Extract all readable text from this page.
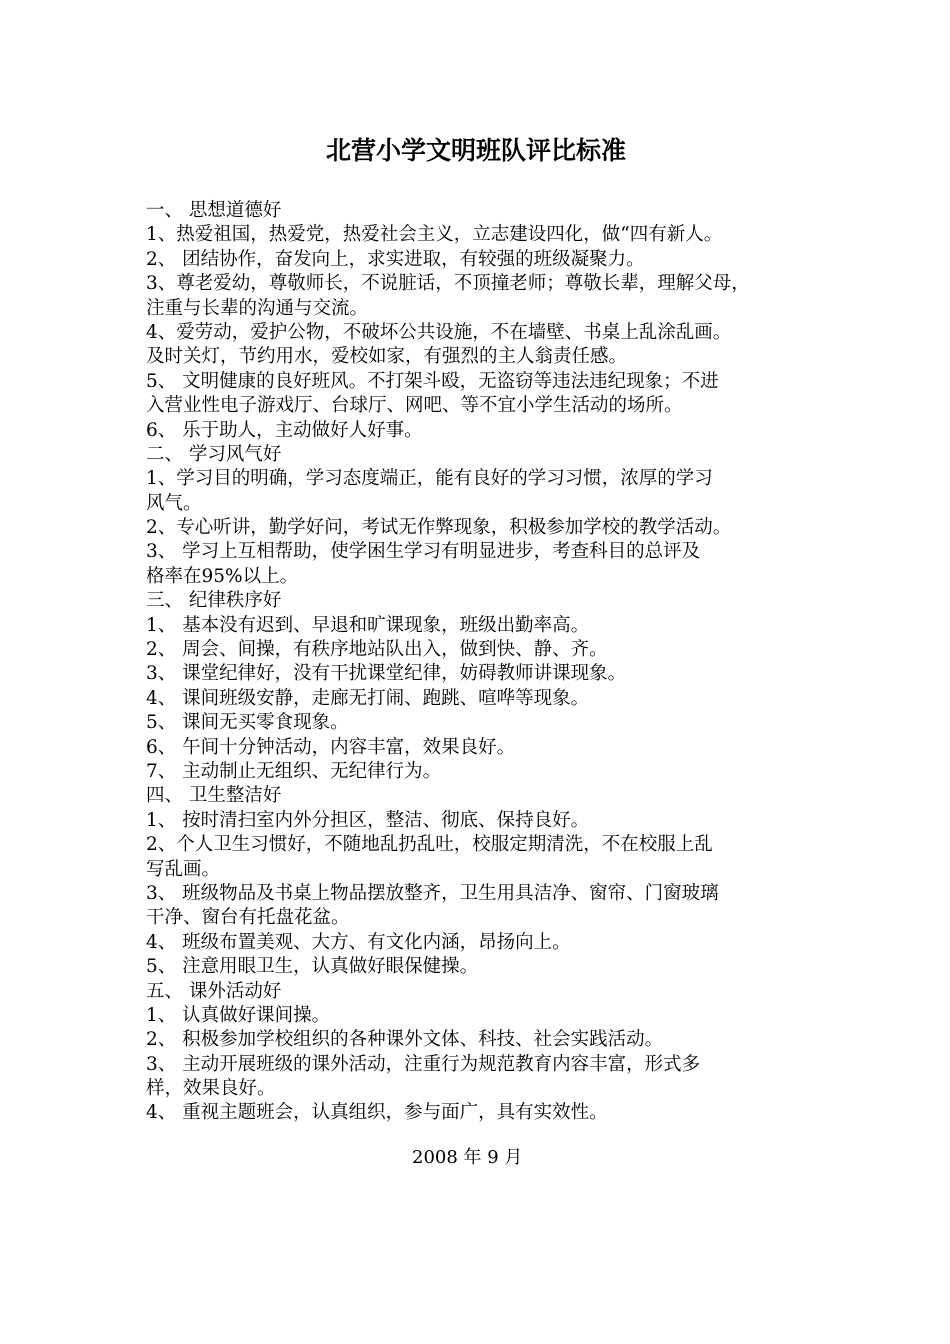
北营小学文明班队评比标准
一、 思想道德好
1、热爱祖国，热爱党，热爱社会主义，立志建设四化，做“四有新人。
2、 团结协作，奋发向上，求实进取，有较强的班级凝聚力。
3、尊老爱幼，尊敬师长，不说脏话，不顶撞老师；尊敬长辈，理解父母，
注重与长辈的沟通与交流。
4、爱劳动，爱护公物，不破坏公共设施，不在墙壁、书桌上乱涂乱画。
及时关灯，节约用水，爱校如家，有强烈的主人翁责任感。
5、 文明健康的良好班风。不打架斗殴，无盗窃等违法违纪现象；不进
入营业性电子游戏厅、台球厅、网吧、等不宜小学生活动的场所。
6、 乐于助人，主动做好人好事。
二、 学习风气好
1、学习目的明确，学习态度端正，能有良好的学习习惯，浓厚的学习
风气。
2、专心听讲，勤学好问，考试无作弊现象，积极参加学校的教学活动。
3、 学习上互相帮助，使学困生学习有明显进步，考查科目的总评及
格率在95%以上。
三、 纪律秩序好
1、 基本没有迟到、早退和旷课现象，班级出勤率高。
2、 周会、间操，有秩序地站队出入，做到快、静、齐。
3、 课堂纪律好，没有干扰课堂纪律，妨碍教师讲课现象。
4、 课间班级安静，走廊无打闹、跑跳、喧哗等现象。
5、 课间无买零食现象。
6、 午间十分钟活动，内容丰富，效果良好。
7、 主动制止无组织、无纪律行为。
四、 卫生整洁好
1、 按时清扫室内外分担区，整洁、彻底、保持良好。
2、个人卫生习惯好，不随地乱扔乱吐，校服定期清洗，不在校服上乱
写乱画。
3、 班级物品及书桌上物品摆放整齐，卫生用具洁净、窗帘、门窗玻璃
干净、窗台有托盘花盆。
4、 班级布置美观、大方、有文化内涵，昂扬向上。
5、 注意用眼卫生，认真做好眼保健操。
五、 课外活动好
1、 认真做好课间操。
2、 积极参加学校组织的各种课外文体、科技、社会实践活动。
3、 主动开展班级的课外活动，注重行为规范教育内容丰富，形式多
样，效果良好。
4、 重视主题班会，认真组织，参与面广，具有实效性。
2008 年 9 月
